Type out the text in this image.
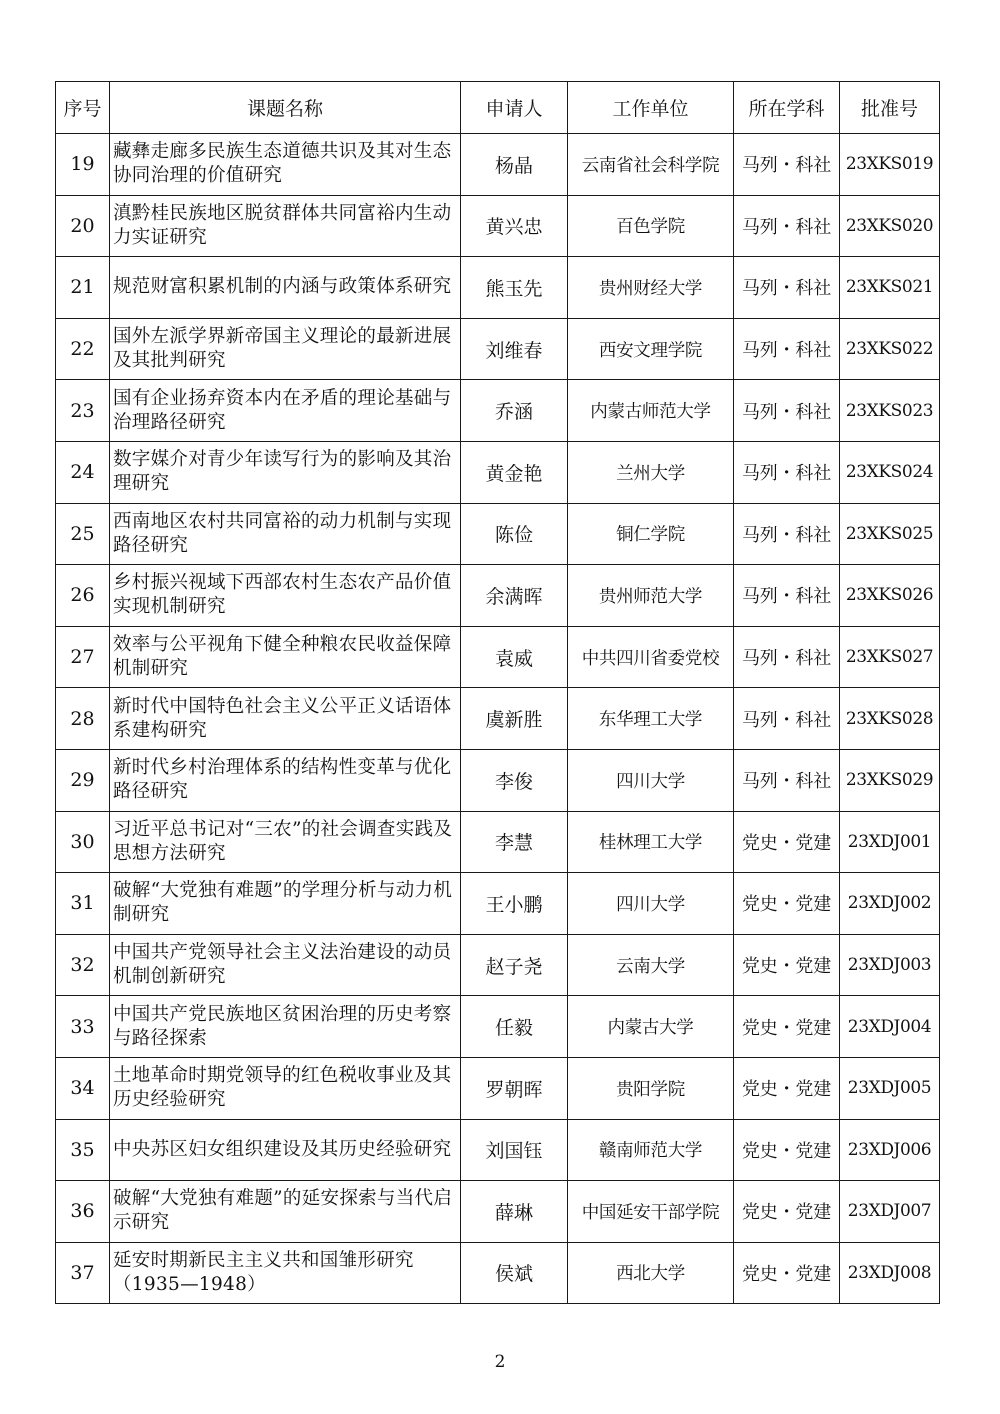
序号	课题名称	申请人	工作单位	所在学科	批准号
19	藏彝走廊多民族生态道德共识及其对生态协同治理的价值研究	杨晶	云南省社会科学院	马列・科社	23XKS019
20	滇黔桂民族地区脱贫群体共同富裕内生动力实证研究	黄兴忠	百色学院	马列・科社	23XKS020
21	规范财富积累机制的内涵与政策体系研究	熊玉先	贵州财经大学	马列・科社	23XKS021
22	国外左派学界新帝国主义理论的最新进展及其批判研究	刘维春	西安文理学院	马列・科社	23XKS022
23	国有企业扬弃资本内在矛盾的理论基础与治理路径研究	乔涵	内蒙古师范大学	马列・科社	23XKS023
24	数字媒介对青少年读写行为的影响及其治理研究	黄金艳	兰州大学	马列・科社	23XKS024
25	西南地区农村共同富裕的动力机制与实现路径研究	陈俭	铜仁学院	马列・科社	23XKS025
26	乡村振兴视域下西部农村生态农产品价值实现机制研究	余满晖	贵州师范大学	马列・科社	23XKS026
27	效率与公平视角下健全种粮农民收益保障机制研究	袁威	中共四川省委党校	马列・科社	23XKS027
28	新时代中国特色社会主义公平正义话语体系建构研究	虞新胜	东华理工大学	马列・科社	23XKS028
29	新时代乡村治理体系的结构性变革与优化路径研究	李俊	四川大学	马列・科社	23XKS029
30	习近平总书记对“三农”的社会调查实践及思想方法研究	李慧	桂林理工大学	党史・党建	23XDJ001
31	破解“大党独有难题”的学理分析与动力机制研究	王小鹏	四川大学	党史・党建	23XDJ002
32	中国共产党领导社会主义法治建设的动员机制创新研究	赵子尧	云南大学	党史・党建	23XDJ003
33	中国共产党民族地区贫困治理的历史考察与路径探索	任毅	内蒙古大学	党史・党建	23XDJ004
34	土地革命时期党领导的红色税收事业及其历史经验研究	罗朝晖	贵阳学院	党史・党建	23XDJ005
35	中央苏区妇女组织建设及其历史经验研究	刘国钰	赣南师范大学	党史・党建	23XDJ006
36	破解“大党独有难题”的延安探索与当代启示研究	薛琳	中国延安干部学院	党史・党建	23XDJ007
37	延安时期新民主主义共和国雏形研究（1935—1948）	侯斌	西北大学	党史・党建	23XDJ008
2
